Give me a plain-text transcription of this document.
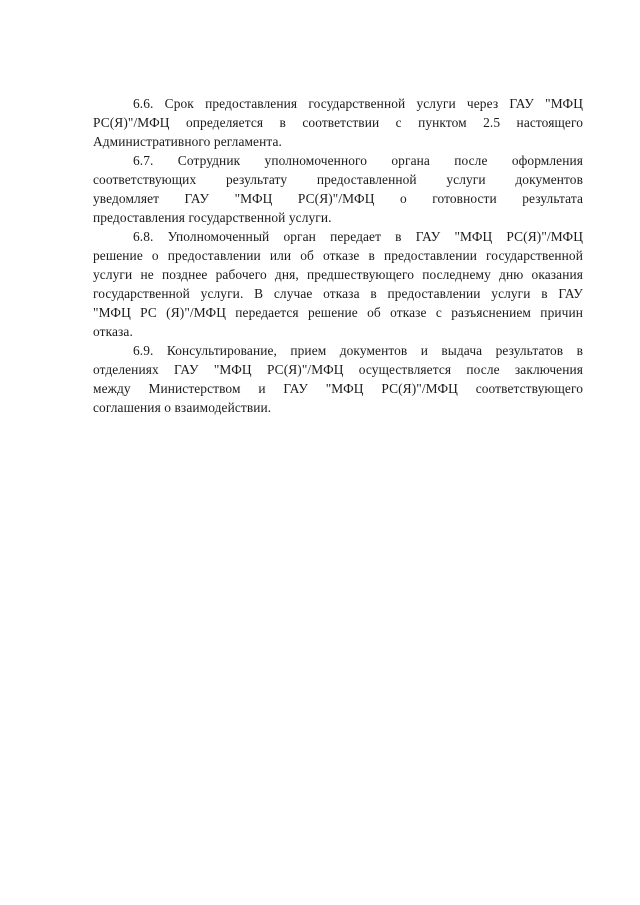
6.6. Срок предоставления государственной услуги через ГАУ "МФЦ
РС(Я)"/МФЦ определяется в соответствии с пунктом 2.5 настоящего
Административного регламента.

6.7. Сотрудник уполномоченного органа после оформления
соответствующих результату предоставленной услуги документов
уведомляет ГАУ "МФЦ РС(Я)"/МФЦ о готовности результата
предоставления государственной услуги.

6.8. Уполномоченный орган передает в ГАУ "МФЦ РС(Я)"/МФЦ
решение о предоставлении или об отказе в предоставлении государственной
услуги не позднее рабочего дня, предшествующего последнему дню оказания
государственной услуги. В случае отказа в предоставлении услуги в ГАУ
"МФЦ РС (Я)"/МФЦ передается решение об отказе с разъяснением причин
отказа.

6.9. Консультирование, прием документов и выдача результатов в
отделениях ГАУ "МФЦ РС(Я)"/МФЦ осуществляется после заключения
между Министерством и ГАУ "МФЦ РС(Я)"/МФЦ соответствующего
соглашения о взаимодействии.
